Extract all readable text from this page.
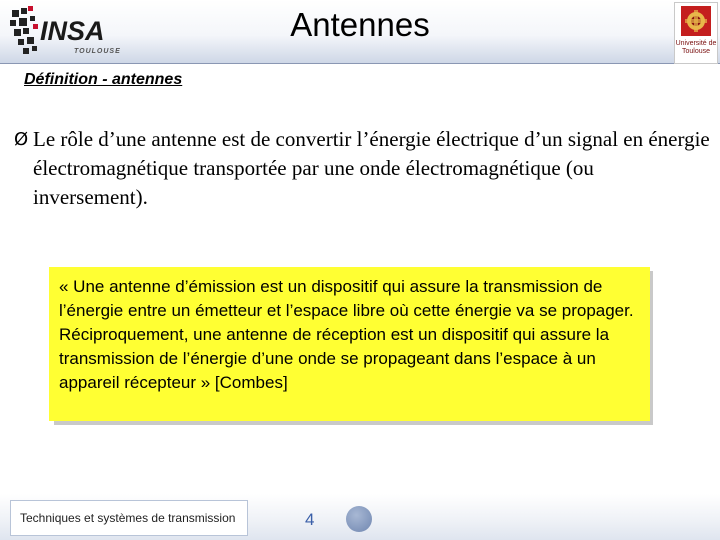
INSA
TOULOUSE
Antennes
Université de Toulouse
Définition - antennes
Ø Le rôle d’une antenne est de convertir l’énergie électrique d’un signal en énergie électromagnétique transportée par une onde électromagnétique (ou inversement).
« Une antenne d’émission est un dispositif qui assure la transmission de l’énergie entre un émetteur et l’espace libre où cette énergie va se propager. Réciproquement, une antenne de réception est un dispositif qui assure la transmission de l’énergie d’une onde se propageant dans l’espace à un appareil récepteur » [Combes]
Techniques et systèmes de transmission	4
